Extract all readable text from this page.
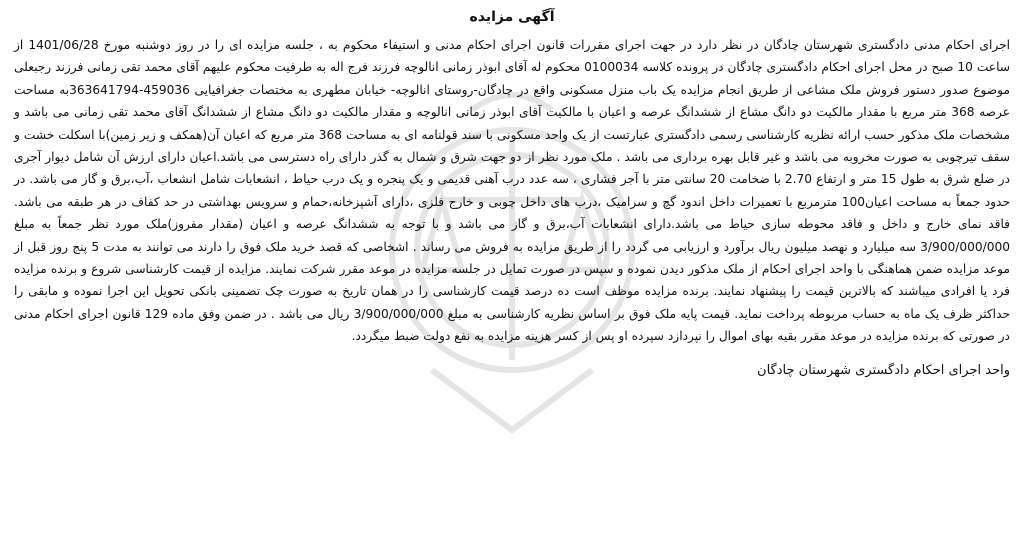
آگهی مزایده

اجرای احکام مدنی دادگستری شهرستان چادگان در نظر دارد در جهت اجرای مقررات قانون اجرای احکام مدنی و استیفاء محکوم به ، جلسه مزایده ای را در روز دوشنبه مورخ 1401/06/28 از ساعت 10 صبح در محل اجرای احکام دادگستری چادگان در پرونده کلاسه 0100034 محکوم له آقای ابوذر زمانی انالوچه فرزند فرج اله به طرفیت محکوم علیهم آقای محمد تقی زمانی فرزند رجبعلی موضوع صدور دستور فروش ملک مشاعی از طریق انجام مزایده یک باب منزل مسکونی واقع در چادگان-روستای انالوچه- خیابان مطهری به مختصات جغرافیایی 459036-363641794به مساحت عرصه 368 متر مربع با مقدار مالکیت دو دانگ مشاع از ششدانگ عرصه و اعیان با مالکیت آقای ابوذر زمانی انالوچه و مقدار مالکیت دو دانگ مشاع از ششدانگ آقای محمد تقی زمانی می باشد و مشخصات ملک مذکور حسب ارائه نظریه کارشناسی رسمی دادگستری عبارتست از یک واحد مسکونی با سند قولنامه ای به مساحت 368 متر مربع که اعیان آن(همکف و زیر زمین)با اسکلت خشت و سقف تیرچوبی به صورت مخروبه می باشد و غیر قابل بهره برداری می باشد . ملک مورد نظر از دو جهت شرق و شمال به گذر دارای راه دسترسی می باشد.اعیان دارای ارزش آن شامل دیوار آجری در ضلع شرق به طول 15 متر و ارتفاع 2.70 با ضخامت 20 سانتی متر با آجر فشاری ، سه عدد درب آهنی قدیمی و یک پنجره و یک درب حیاط ، انشعابات شامل انشعاب ،آب،برق و گاز می باشد. در حدود جمعاً به مساحت اعیان100 مترمربع با تعمیرات داخل اندود گچ و سرامیک ،درب های داخل چوبی و خارج فلزی ،دارای آشپزخانه،حمام و سرویس بهداشتی در حد کفاف در هر طبقه می باشد. فاقد نمای خارج و داخل و فاقد محوطه سازی حیاط می باشد.دارای انشعابات آب،برق و گاز می باشد و با توجه به ششدانگ عرصه و اعیان (مقدار مفروز)ملک مورد نظر جمعاً به مبلغ 3/900/000/000 سه میلیارد و نهصد میلیون ریال برآورد و ارزیابی می گردد را از طریق مزایده به فروش می رساند . اشخاصی که قصد خرید ملک فوق را دارند می توانند به مدت 5 پنج روز قبل از موعد مزایده ضمن هماهنگی با واحد اجرای احکام از ملک مذکور دیدن نموده و سپس در صورت تمایل در جلسه مزایده در موعد مقرر شرکت نمایند. مزایده از قیمت کارشناسی شروع و برنده مزایده فرد یا افرادی میباشند که بالاترین قیمت را پیشنهاد نمایند. برنده مزایده موظف است ده درصد قیمت کارشناسی را در همان تاریخ به صورت چک تضمینی بانکی تحویل این اجرا نموده و مابقی را حداکثر ظرف یک ماه به حساب مربوطه پرداخت نماید. قیمت پایه ملک فوق بر اساس نظریه کارشناسی به مبلغ 3/900/000/000 ریال می باشد . در ضمن وفق ماده 129 قانون اجرای احکام مدنی در صورتی که برنده مزایده در موعد مقرر بقیه بهای اموال را نپردازد سپرده او پس از کسر هزینه مزایده به نفع دولت ضبط میگردد.

واحد اجرای احکام دادگستری شهرستان چادگان
